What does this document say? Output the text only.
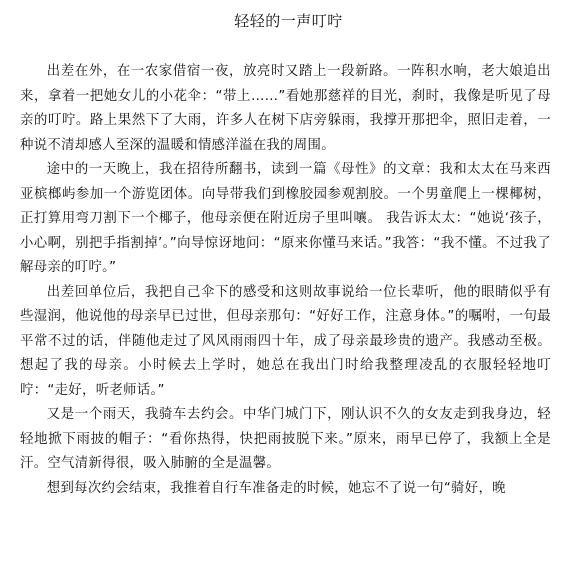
轻轻的一声叮咛

出差在外，在一农家借宿一夜，放亮时又踏上一段新路。一阵积水响，老大娘追出来，拿着一把她女儿的小花伞：“带上……”看她那慈祥的目光，刹时，我像是听见了母亲的叮咛。路上果然下了大雨，许多人在树下店旁躲雨，我撑开那把伞，照旧走着，一种说不清却感人至深的温暖和情感洋溢在我的周围。

途中的一天晚上，我在招待所翻书，读到一篇《母性》的文章：我和太太在马来西亚槟榔屿参加一个游览团体。向导带我们到橡胶园参观割胶。一个男童爬上一棵椰树，正打算用弯刀割下一个椰子，他母亲便在附近房子里叫嚷。 我告诉太太：“她说‘孩子，小心啊，别把手指割掉’。”向导惊讶地问：“原来你懂马来话。”我答：“我不懂。不过我了解母亲的叮咛。”

出差回单位后，我把自己伞下的感受和这则故事说给一位长辈听，他的眼睛似乎有些湿润，他说他的母亲早已过世，但母亲那句：“好好工作，注意身体。”的嘱咐，一句最平常不过的话，伴随他走过了风风雨雨四十年，成了母亲最珍贵的遗产。我感动至极。想起了我的母亲。小时候去上学时，她总在我出门时给我整理凌乱的衣服轻轻地叮咛：“走好，听老师话。”

又是一个雨天，我骑车去约会。中华门城门下，刚认识不久的女友走到我身边，轻轻地掀下雨披的帽子：“看你热得，快把雨披脱下来。”原来，雨早已停了，我额上全是汗。空气清新得很，吸入肺腑的全是温馨。

想到每次约会结束，我推着自行车准备走的时候，她忘不了说一句“骑好，晚
